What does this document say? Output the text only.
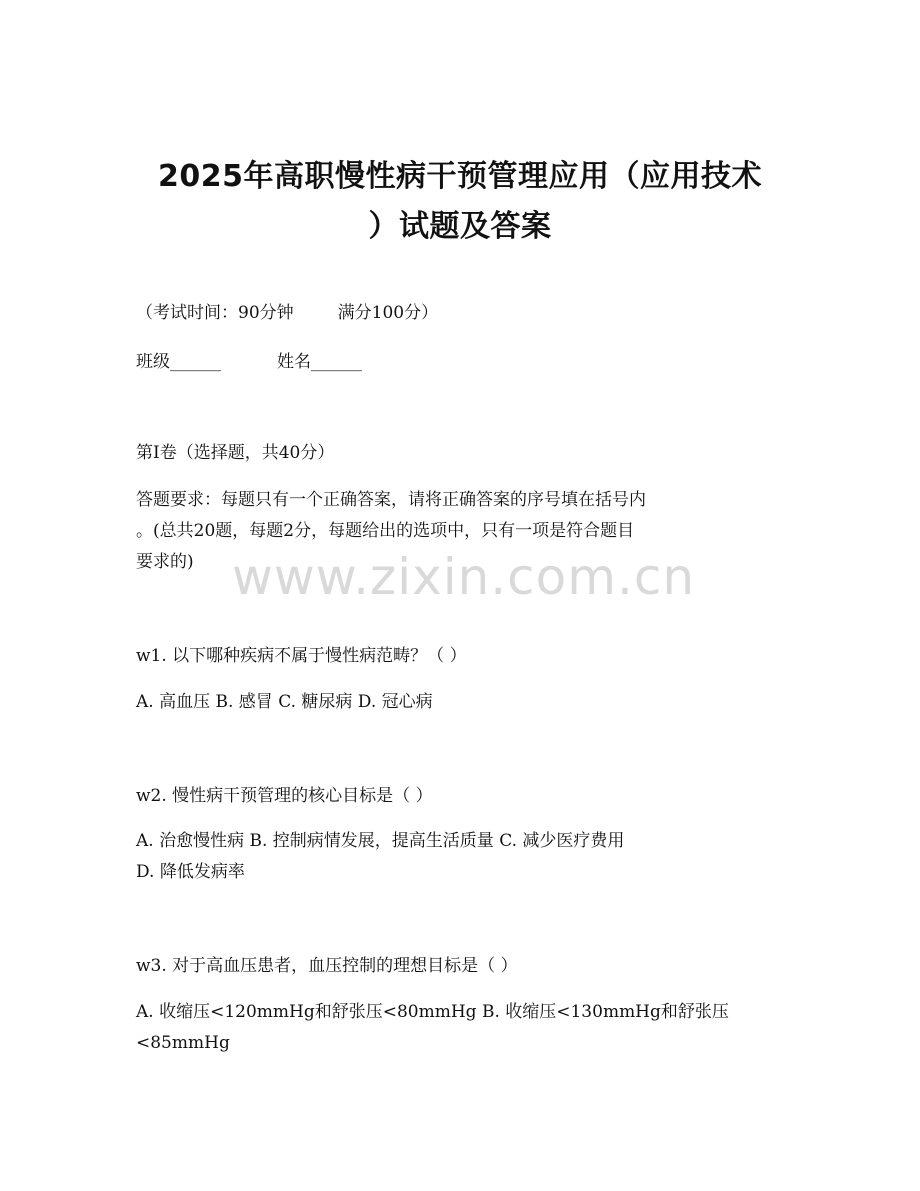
2025年高职慢性病干预管理应用（应用技术
）试题及答案
（考试时间：90分钟	满分100分）
班级______	姓名______
第I卷（选择题，共40分）
答题要求：每题只有一个正确答案，请将正确答案的序号填在括号内
。(总共20题，每题2分，每题给出的选项中，只有一项是符合题目
要求的) www.zixin.com.cn
w1. 以下哪种疾病不属于慢性病范畴？（ ）
A. 高血压 B. 感冒 C. 糖尿病 D. 冠心病
w2. 慢性病干预管理的核心目标是（ ）
A. 治愈慢性病 B. 控制病情发展，提高生活质量 C. 减少医疗费用
D. 降低发病率
w3. 对于高血压患者，血压控制的理想目标是（ ）
A. 收缩压<120mmHg和舒张压<80mmHg B. 收缩压<130mmHg和舒张压
<85mmHg
